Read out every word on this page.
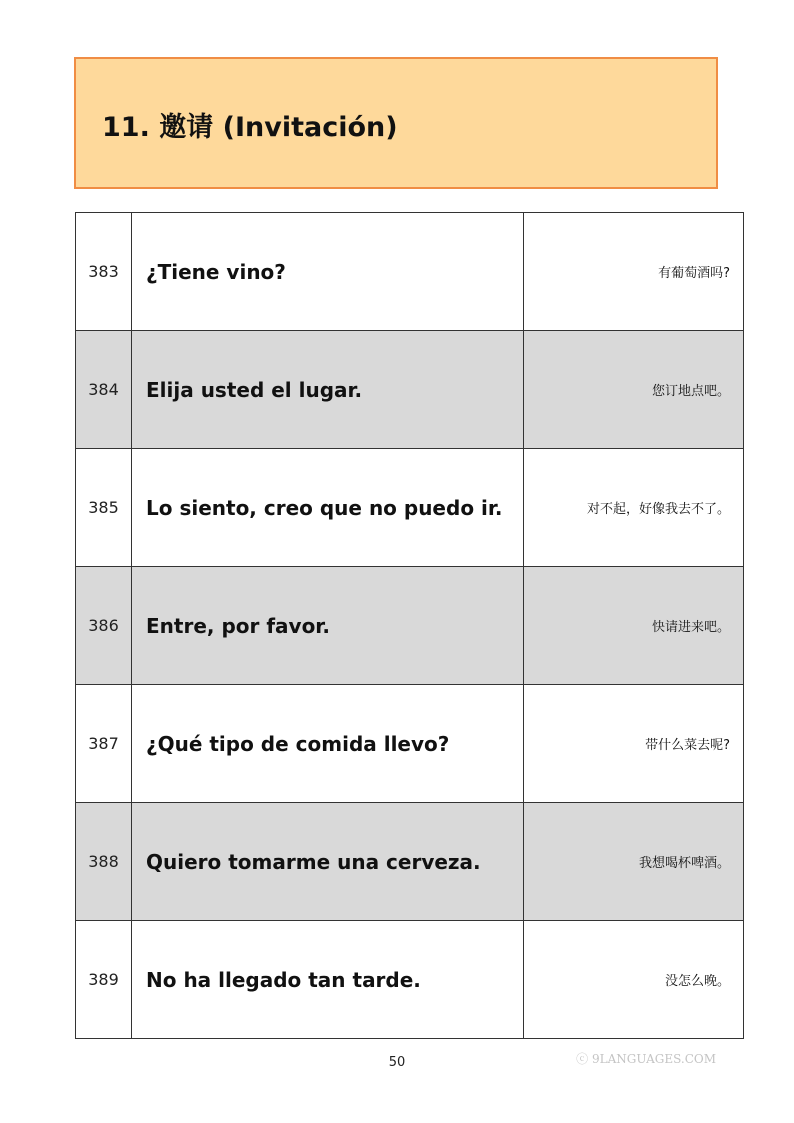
11. 邀请 (Invitación)
383	¿Tiene vino?	有葡萄酒吗?
384	Elija usted el lugar.	您订地点吧。
385	Lo siento, creo que no puedo ir.	对不起，好像我去不了。
386	Entre, por favor.	快请进来吧。
387	¿Qué tipo de comida llevo?	带什么菜去呢?
388	Quiero tomarme una cerveza.	我想喝杯啤酒。
389	No ha llegado tan tarde.	没怎么晚。
ⓒ 9LANGUAGES.COM
50
